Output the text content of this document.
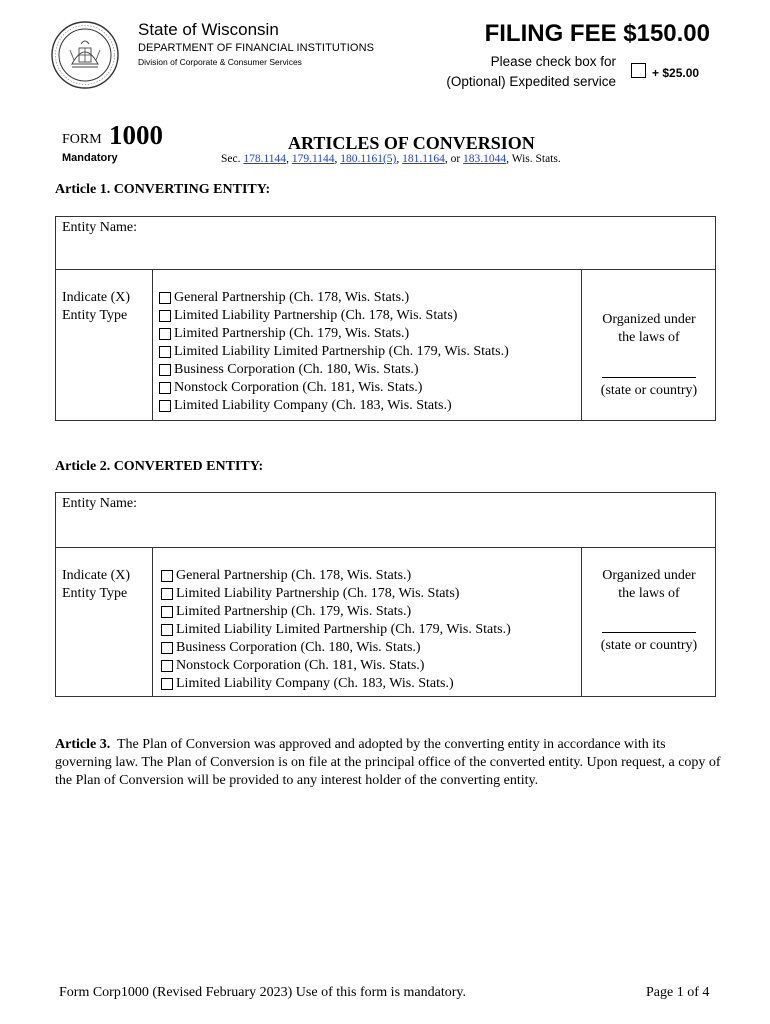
State of Wisconsin
DEPARTMENT OF FINANCIAL INSTITUTIONS
Division of Corporate & Consumer Services
FILING FEE $150.00
Please check box for
(Optional) Expedited service
+ $25.00
FORM 1000
Mandatory
ARTICLES OF CONVERSION
Sec. 178.1144, 179.1144, 180.1161(5), 181.1164, or 183.1044, Wis. Stats.
Article 1. CONVERTING ENTITY:
Entity Name:
Indicate (X)
Entity Type
General Partnership (Ch. 178, Wis. Stats.)
Limited Liability Partnership (Ch. 178, Wis. Stats)
Limited Partnership (Ch. 179, Wis. Stats.)
Limited Liability Limited Partnership (Ch. 179, Wis. Stats.)
Business Corporation (Ch. 180, Wis. Stats.)
Nonstock Corporation (Ch. 181, Wis. Stats.)
Limited Liability Company (Ch. 183, Wis. Stats.)
Organized under
the laws of
(state or country)
Article 2. CONVERTED ENTITY:
Entity Name:
Indicate (X)
Entity Type
General Partnership (Ch. 178, Wis. Stats.)
Limited Liability Partnership (Ch. 178, Wis. Stats)
Limited Partnership (Ch. 179, Wis. Stats.)
Limited Liability Limited Partnership (Ch. 179, Wis. Stats.)
Business Corporation (Ch. 180, Wis. Stats.)
Nonstock Corporation (Ch. 181, Wis. Stats.)
Limited Liability Company (Ch. 183, Wis. Stats.)
Organized under
the laws of
(state or country)
Article 3. The Plan of Conversion was approved and adopted by the converting entity in accordance with its governing law. The Plan of Conversion is on file at the principal office of the converted entity. Upon request, a copy of the Plan of Conversion will be provided to any interest holder of the converting entity.
Form Corp1000 (Revised February 2023) Use of this form is mandatory.	Page 1 of 4
